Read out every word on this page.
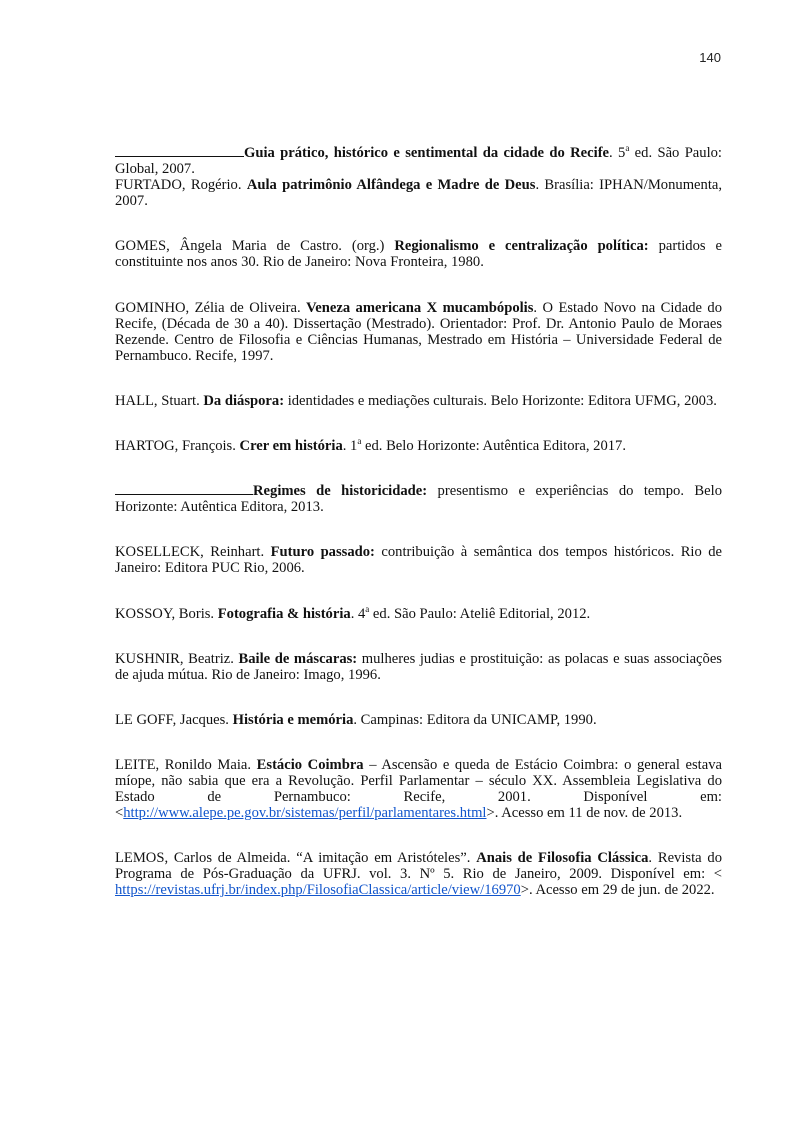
140

Guia prático, histórico e sentimental da cidade do Recife. 5$^a$ ed. São Paulo: Global, 2007.

FURTADO, Rogério. Aula patrimônio Alfândega e Madre de Deus. Brasília: IPHAN/Monumenta, 2007.

GOMES, Ângela Maria de Castro. (org.) Regionalismo e centralização política: partidos e constituinte nos anos 30. Rio de Janeiro: Nova Fronteira, 1980.

GOMINHO, Zélia de Oliveira. Veneza americana X mucambópolis. O Estado Novo na Cidade do Recife, (Década de 30 a 40). Dissertação (Mestrado). Orientador: Prof. Dr. Antonio Paulo de Moraes Rezende. Centro de Filosofia e Ciências Humanas, Mestrado em História – Universidade Federal de Pernambuco. Recife, 1997.

HALL, Stuart. Da diáspora: identidades e mediações culturais. Belo Horizonte: Editora UFMG, 2003.

HARTOG, François. Crer em história. 1$^a$ ed. Belo Horizonte: Autêntica Editora, 2017.

Regimes de historicidade: presentismo e experiências do tempo. Belo Horizonte: Autêntica Editora, 2013.

KOSELLECK, Reinhart. Futuro passado: contribuição à semântica dos tempos históricos. Rio de Janeiro: Editora PUC Rio, 2006.

KOSSOY, Boris. Fotografia & história. 4$^a$ ed. São Paulo: Ateliê Editorial, 2012.

KUSHNIR, Beatriz. Baile de máscaras: mulheres judias e prostituição: as polacas e suas associações de ajuda mútua. Rio de Janeiro: Imago, 1996.

LE GOFF, Jacques. História e memória. Campinas: Editora da UNICAMP, 1990.

LEITE, Ronildo Maia. Estácio Coimbra – Ascensão e queda de Estácio Coimbra: o general estava míope, não sabia que era a Revolução. Perfil Parlamentar – século XX. Assembleia Legislativa do Estado de Pernambuco: Recife, 2001. Disponível em: <http://www.alepe.pe.gov.br/sistemas/perfil/parlamentares.html>. Acesso em 11 de nov. de 2013.

LEMOS, Carlos de Almeida. “A imitação em Aristóteles”. Anais de Filosofia Clássica. Revista do Programa de Pós-Graduação da UFRJ. vol. 3. Nº 5. Rio de Janeiro, 2009. Disponível em: < https://revistas.ufrj.br/index.php/FilosofiaClassica/article/view/16970>. Acesso em 29 de jun. de 2022.
